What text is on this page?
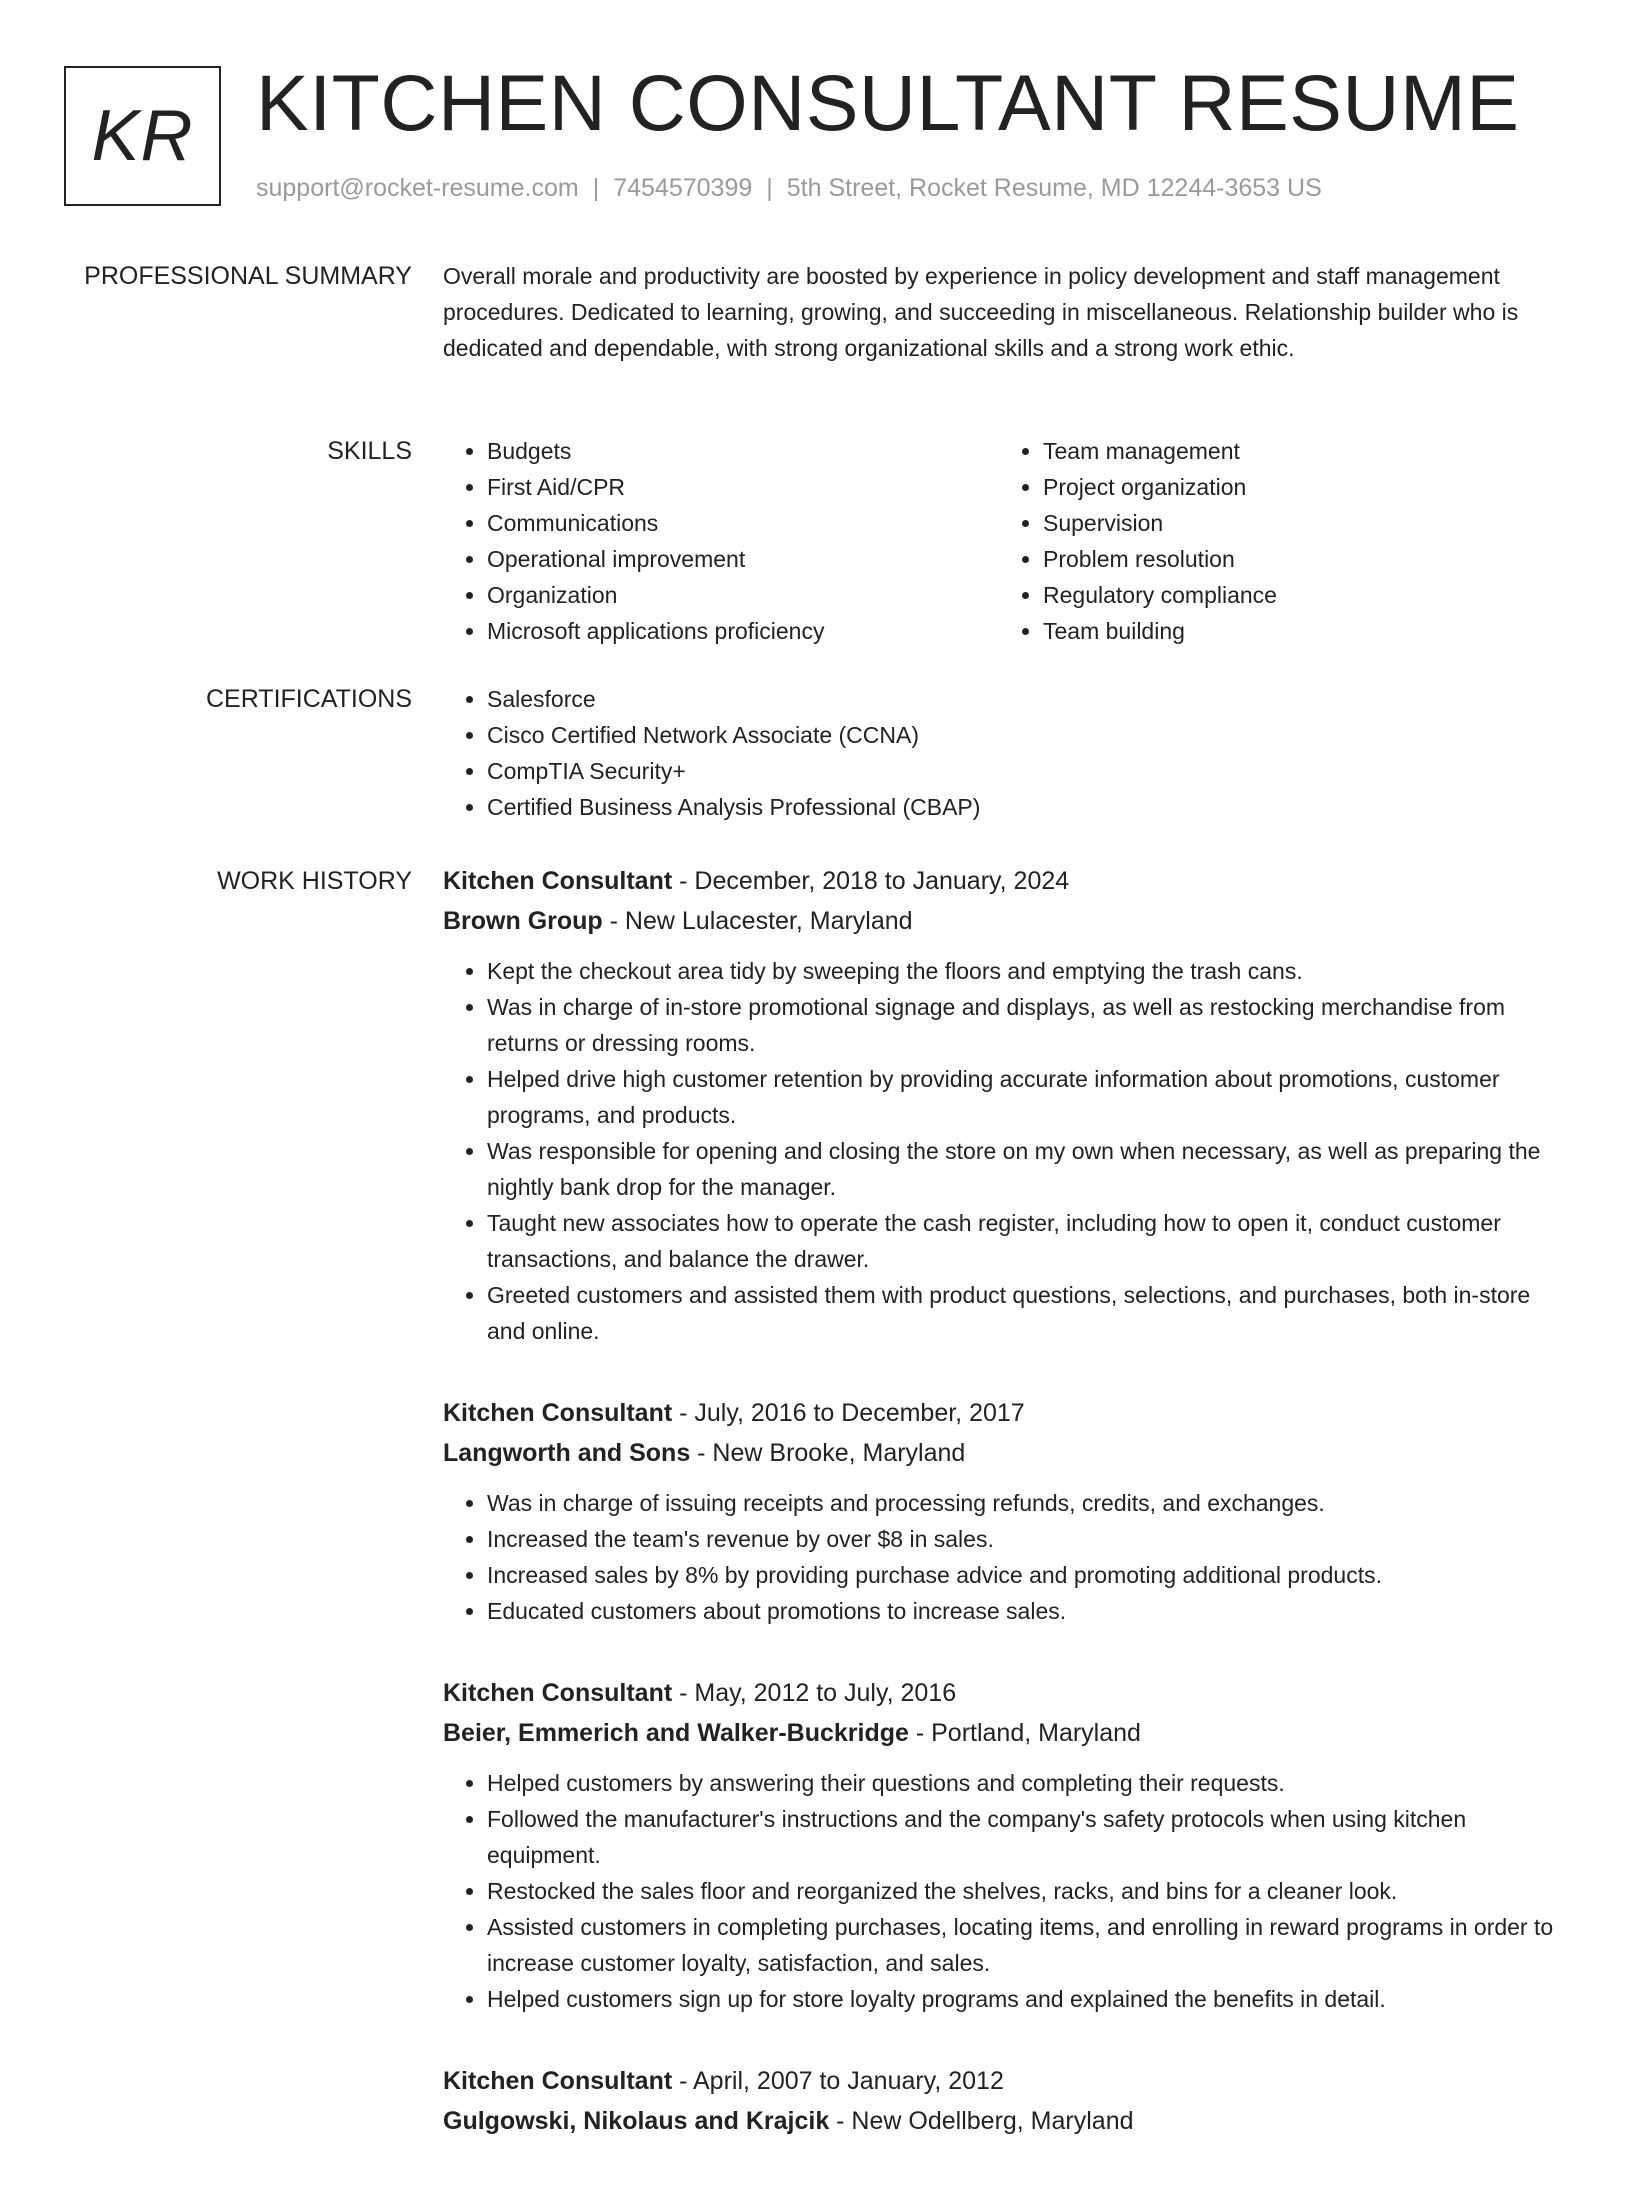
KR KITCHEN CONSULTANT RESUME
support@rocket-resume.com | 7454570399 | 5th Street, Rocket Resume, MD 12244-3653 US
PROFESSIONAL SUMMARY Overall morale and productivity are boosted by experience in policy development and staff management procedures. Dedicated to learning, growing, and succeeding in miscellaneous. Relationship builder who is dedicated and dependable, with strong organizational skills and a strong work ethic.

SKILLS	• Budgets
• First Aid/CPR
• Communications
• Operational improvement
• Organization
• Microsoft applications proficiency
• Team management
• Project organization
• Supervision
• Problem resolution
• Regulatory compliance
• Team building
CERTIFICATIONS	• Salesforce
• Cisco Certified Network Associate (CCNA)
• CompTIA Security+
• Certified Business Analysis Professional (CBAP)
WORK HISTORY Kitchen Consultant - December, 2018 to January, 2024
Brown Group - New Lulacester, Maryland
• Kept the checkout area tidy by sweeping the floors and emptying the trash cans.
• Was in charge of in-store promotional signage and displays, as well as restocking merchandise from returns or dressing rooms.
• Helped drive high customer retention by providing accurate information about promotions, customer programs, and products.
• Was responsible for opening and closing the store on my own when necessary, as well as preparing the nightly bank drop for the manager.
• Taught new associates how to operate the cash register, including how to open it, conduct customer transactions, and balance the drawer.
• Greeted customers and assisted them with product questions, selections, and purchases, both in-store and online.
Kitchen Consultant - July, 2016 to December, 2017
Langworth and Sons - New Brooke, Maryland
• Was in charge of issuing receipts and processing refunds, credits, and exchanges.
• Increased the team's revenue by over $8 in sales.
• Increased sales by 8% by providing purchase advice and promoting additional products.
• Educated customers about promotions to increase sales.
Kitchen Consultant - May, 2012 to July, 2016
Beier, Emmerich and Walker-Buckridge - Portland, Maryland
• Helped customers by answering their questions and completing their requests.
• Followed the manufacturer's instructions and the company's safety protocols when using kitchen equipment.
• Restocked the sales floor and reorganized the shelves, racks, and bins for a cleaner look.
• Assisted customers in completing purchases, locating items, and enrolling in reward programs in order to increase customer loyalty, satisfaction, and sales.
• Helped customers sign up for store loyalty programs and explained the benefits in detail.
Kitchen Consultant - April, 2007 to January, 2012
Gulgowski, Nikolaus and Krajcik - New Odellberg, Maryland
